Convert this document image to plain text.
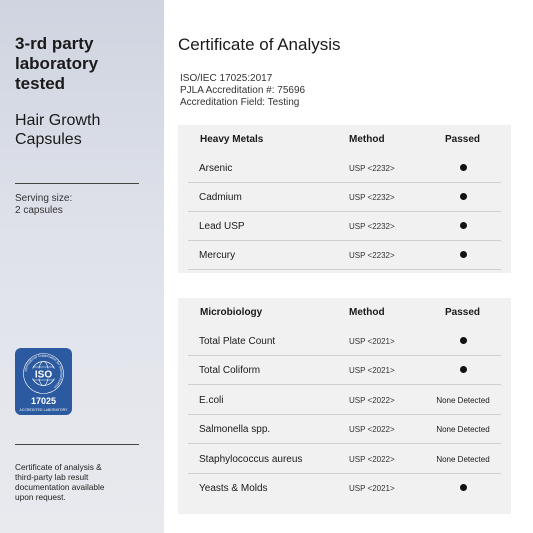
3-rd party
laboratory
tested
Hair Growth
Capsules
Serving size:
2 capsules
International Organization for Standardization
ISO
17025
ACCREDITED LABORATORY
Certificate of analysis &
third-party lab result
documentation available
upon request.
Certificate of Analysis
ISO/IEC 17025:2017
PJLA Accreditation #: 75696
Accreditation Field: Testing
Heavy Metals	Method	Passed
Arsenic	USP <2232>
Cadmium	USP <2232>
Lead USP	USP <2232>
Mercury	USP <2232>
Microbiology	Method	Passed
Total Plate Count	USP <2021>
Total Coliform	USP <2021>
E.coli	USP <2022>	None Detected
Salmonella spp.	USP <2022>	None Detected
Staphylococcus aureus	USP <2022>	None Detected
Yeasts & Molds	USP <2021>
